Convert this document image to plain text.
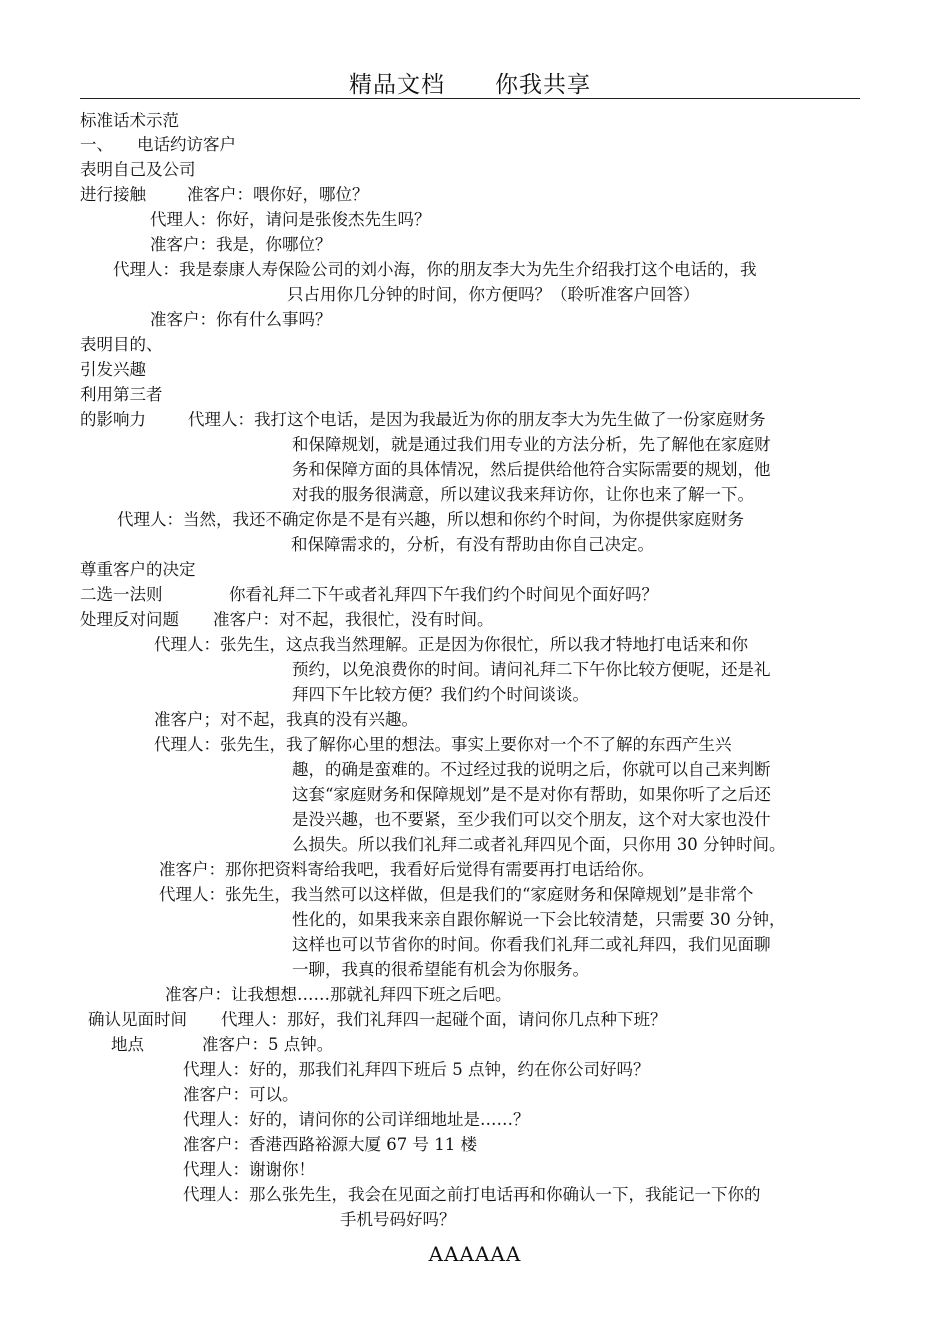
精品文档 你我共享
标准话术示范
一、 电话约访客户
表明自己及公司
进行接触 准客户：喂你好，哪位？
代理人：你好，请问是张俊杰先生吗？
准客户：我是，你哪位？
代理人：我是泰康人寿保险公司的刘小海，你的朋友李大为先生介绍我打这个电话的，我
只占用你几分钟的时间，你方便吗？（聆听准客户回答）
准客户：你有什么事吗？
表明目的、
引发兴趣
利用第三者
的影响力	代理人：我打这个电话，是因为我最近为你的朋友李大为先生做了一份家庭财务
和保障规划，就是通过我们用专业的方法分析，先了解他在家庭财
务和保障方面的具体情况，然后提供给他符合实际需要的规划，他
对我的服务很满意，所以建议我来拜访你，让你也来了解一下。
代理人：当然，我还不确定你是不是有兴趣，所以想和你约个时间，为你提供家庭财务
和保障需求的，分析，有没有帮助由你自己决定。
尊重客户的决定
二选一法则	你看礼拜二下午或者礼拜四下午我们约个时间见个面好吗？
处理反对问题 准客户：对不起，我很忙，没有时间。
代理人：张先生，这点我当然理解。正是因为你很忙，所以我才特地打电话来和你
预约，以免浪费你的时间。请问礼拜二下午你比较方便呢，还是礼
拜四下午比较方便？我们约个时间谈谈。
准客户；对不起，我真的没有兴趣。
代理人：张先生，我了解你心里的想法。事实上要你对一个不了解的东西产生兴
趣，的确是蛮难的。不过经过我的说明之后，你就可以自己来判断
这套“家庭财务和保障规划”是不是对你有帮助，如果你听了之后还
是没兴趣，也不要紧，至少我们可以交个朋友，这个对大家也没什
么损失。所以我们礼拜二或者礼拜四见个面，只你用 30 分钟时间。
准客户：那你把资料寄给我吧，我看好后觉得有需要再打电话给你。
代理人：张先生，我当然可以这样做，但是我们的“家庭财务和保障规划”是非常个
性化的，如果我来亲自跟你解说一下会比较清楚，只需要 30 分钟，
这样也可以节省你的时间。你看我们礼拜二或礼拜四，我们见面聊
一聊，我真的很希望能有机会为你服务。
准客户：让我想想……那就礼拜四下班之后吧。
确认见面时间 代理人：那好，我们礼拜四一起碰个面，请问你几点种下班？
地点	准客户：5 点钟。
代理人：好的，那我们礼拜四下班后 5 点钟，约在你公司好吗？
准客户：可以。
代理人：好的，请问你的公司详细地址是……？
准客户：香港西路裕源大厦 67 号 11 楼
代理人：谢谢你！
代理人：那么张先生，我会在见面之前打电话再和你确认一下，我能记一下你的
手机号码好吗？
AAAAAA
